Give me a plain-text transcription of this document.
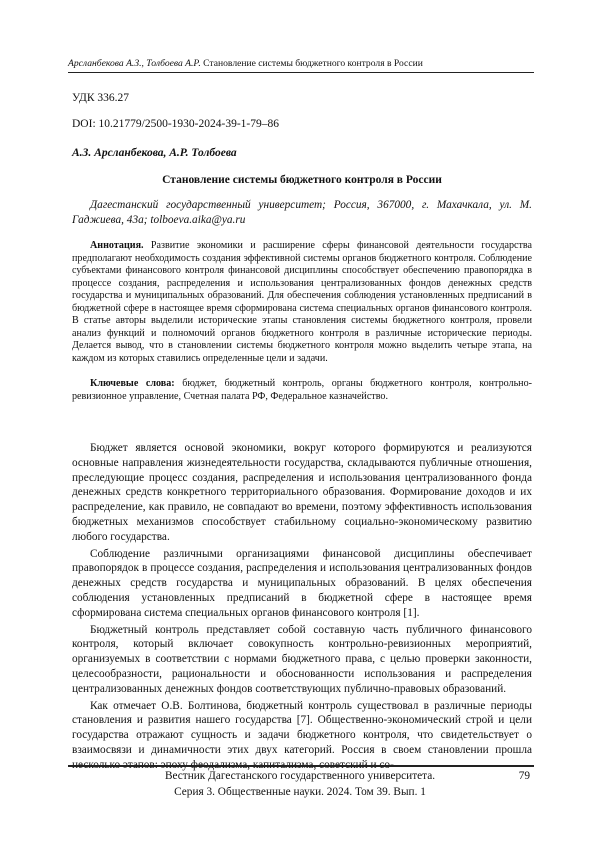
Арсланбекова А.З., Толбоева А.Р. Становление системы бюджетного контроля в России
УДК 336.27
DOI: 10.21779/2500-1930-2024-39-1-79–86
А.З. Арсланбекова, А.Р. Толбоева
Становление системы бюджетного контроля в России
Дагестанский государственный университет; Россия, 367000, г. Махачкала, ул. М. Гаджиева, 43а; tolboeva.aika@ya.ru
Аннотация. Развитие экономики и расширение сферы финансовой деятельности государства предполагают необходимость создания эффективной системы органов бюджетного контроля. Соблюдение субъектами финансового контроля финансовой дисциплины способствует обеспечению правопорядка в процессе создания, распределения и использования централизованных фондов денежных средств государства и муниципальных образований. Для обеспечения соблюдения установленных предписаний в бюджетной сфере в настоящее время сформирована система специальных органов финансового контроля. В статье авторы выделили исторические этапы становления системы бюджетного контроля, провели анализ функций и полномочий органов бюджетного контроля в различные исторические периоды. Делается вывод, что в становлении системы бюджетного контроля можно выделить четыре этапа, на каждом из которых ставились определенные цели и задачи.
Ключевые слова: бюджет, бюджетный контроль, органы бюджетного контроля, контрольно-ревизионное управление, Счетная палата РФ, Федеральное казначейство.

Бюджет является основой экономики, вокруг которого формируются и реализуются основные направления жизнедеятельности государства, складываются публичные отношения, преследующие процесс создания, распределения и использования централизованного фонда денежных средств конкретного территориального образования. Формирование доходов и их распределение, как правило, не совпадают во времени, поэтому эффективность использования бюджетных механизмов способствует стабильному социально-экономическому развитию любого государства.

Соблюдение различными организациями финансовой дисциплины обеспечивает правопорядок в процессе создания, распределения и использования централизованных фондов денежных средств государства и муниципальных образований. В целях обеспечения соблюдения установленных предписаний в бюджетной сфере в настоящее время сформирована система специальных органов финансового контроля [1].

Бюджетный контроль представляет собой составную часть публичного финансового контроля, который включает совокупность контрольно-ревизионных мероприятий, организуемых в соответствии с нормами бюджетного права, с целью проверки законности, целесообразности, рациональности и обоснованности использования и распределения централизованных денежных фондов соответствующих публично-правовых образований.

Как отмечает О.В. Болтинова, бюджетный контроль существовал в различные периоды становления и развития нашего государства [7]. Общественно-экономический строй и цели государства отражают сущность и задачи бюджетного контроля, что свидетельствует о взаимосвязи и динамичности этих двух категорий. Россия в своем становлении прошла несколько этапов: эпоху феодализма, капитализма, советский и со-

Вестник Дагестанского государственного университета.
Серия 3. Общественные науки. 2024. Том 39. Вып. 1
79
